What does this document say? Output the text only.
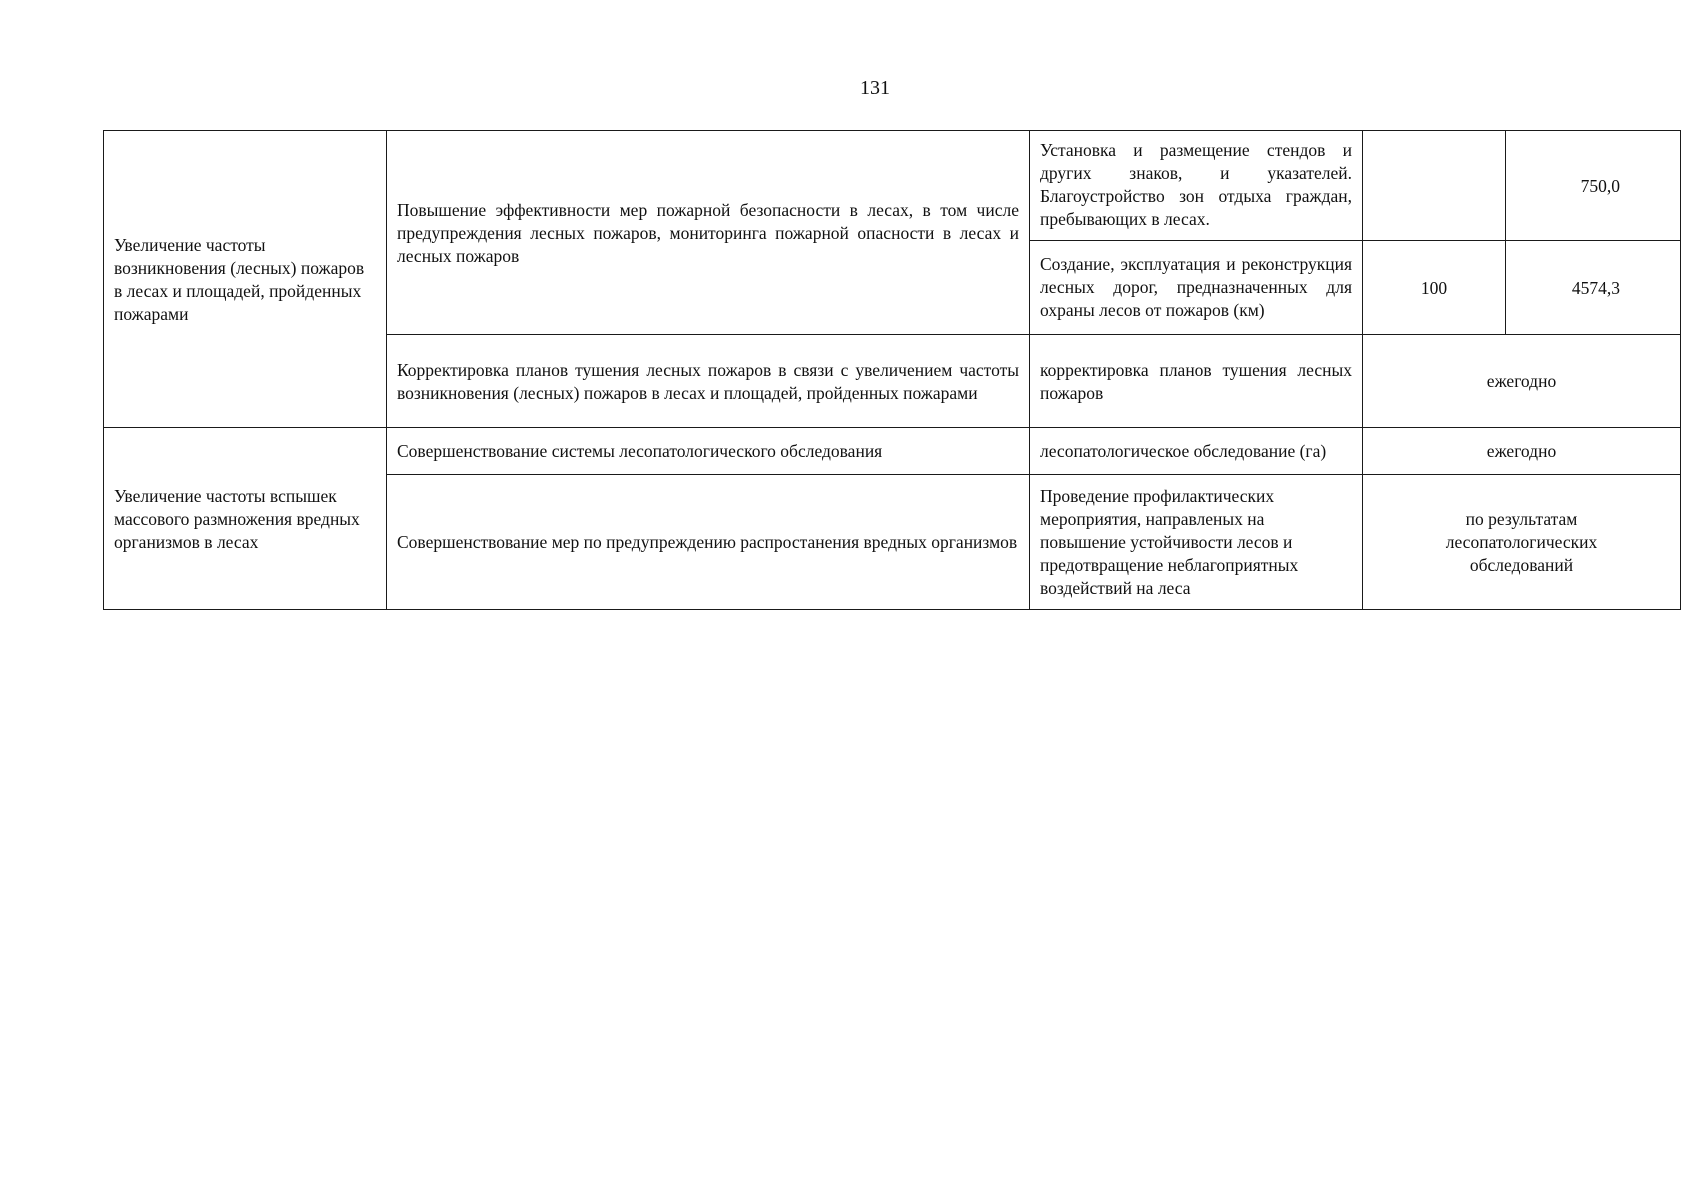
131
Увеличение частоты возникновения (лесных) пожаров в лесах и площадей, пройденных пожарами	Повышение эффективности мер пожарной безопасности в лесах, в том числе предупреждения лесных пожаров, мониторинга пожарной опасности в лесах и лесных пожаров	Установка и размещение стендов и других знаков, и указателей. Благоустройство зон отдыха граждан, пребывающих в лесах.		750,0
		Создание, эксплуатация и реконструкция лесных дорог, предназначенных для охраны лесов от пожаров (км)	100	4574,3
	Корректировка планов тушения лесных пожаров в связи с увеличением частоты возникновения (лесных) пожаров в лесах и площадей, пройденных пожарами	корректировка планов тушения лесных пожаров	ежегодно	
Увеличение частоты вспышек массового размножения вредных организмов в лесах	Совершенствование системы лесопатологического обследования	лесопатологическое обследование (га)	ежегодно	
	Совершенствование мер по предупреждению распростанения вредных организмов	Проведение профилактических мероприятия, направленых на повышение устойчивости лесов и предотвращение неблагоприятных воздействий на леса	по результатам лесопатологических обследований	
